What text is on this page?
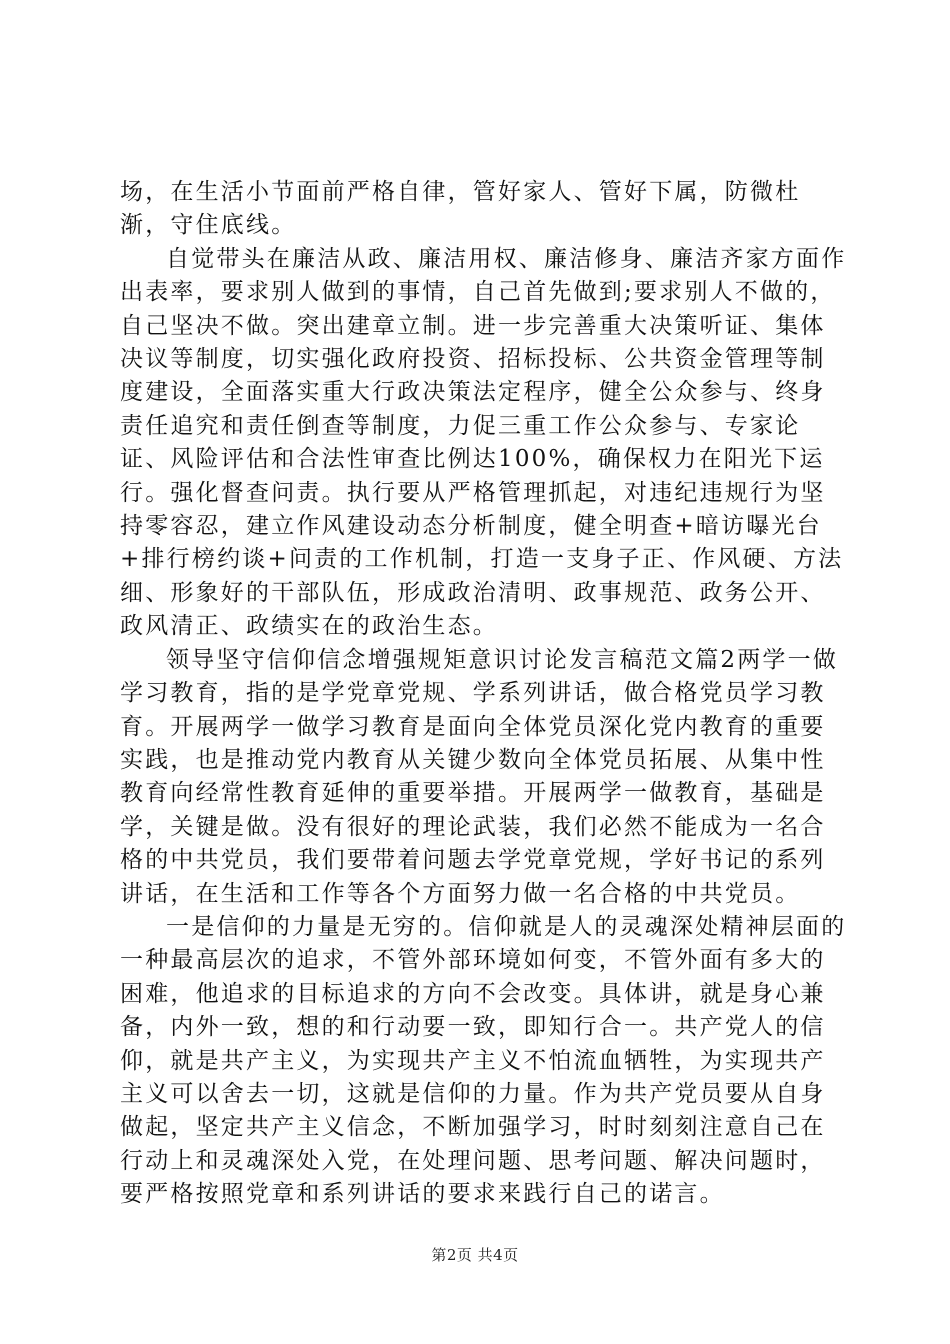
场，在生活小节面前严格自律，管好家人、管好下属，防微杜渐，守住底线。

自觉带头在廉洁从政、廉洁用权、廉洁修身、廉洁齐家方面作出表率，要求别人做到的事情，自己首先做到;要求别人不做的，自己坚决不做。突出建章立制。进一步完善重大决策听证、集体决议等制度，切实强化政府投资、招标投标、公共资金管理等制度建设，全面落实重大行政决策法定程序，健全公众参与、终身责任追究和责任倒查等制度，力促三重工作公众参与、专家论证、风险评估和合法性审查比例达100%，确保权力在阳光下运行。强化督查问责。执行要从严格管理抓起，对违纪违规行为坚持零容忍，建立作风建设动态分析制度，健全明查+暗访曝光台+排行榜约谈+问责的工作机制，打造一支身子正、作风硬、方法细、形象好的干部队伍，形成政治清明、政事规范、政务公开、政风清正、政绩实在的政治生态。

领导坚守信仰信念增强规矩意识讨论发言稿范文篇2两学一做学习教育，指的是学党章党规、学系列讲话，做合格党员学习教育。开展两学一做学习教育是面向全体党员深化党内教育的重要实践，也是推动党内教育从关键少数向全体党员拓展、从集中性教育向经常性教育延伸的重要举措。开展两学一做教育，基础是学，关键是做。没有很好的理论武装，我们必然不能成为一名合格的中共党员，我们要带着问题去学党章党规，学好书记的系列讲话，在生活和工作等各个方面努力做一名合格的中共党员。

一是信仰的力量是无穷的。信仰就是人的灵魂深处精神层面的一种最高层次的追求，不管外部环境如何变，不管外面有多大的困难，他追求的目标追求的方向不会改变。具体讲，就是身心兼备，内外一致，想的和行动要一致，即知行合一。共产党人的信仰，就是共产主义，为实现共产主义不怕流血牺牲，为实现共产主义可以舍去一切，这就是信仰的力量。作为共产党员要从自身做起，坚定共产主义信念，不断加强学习，时时刻刻注意自己在行动上和灵魂深处入党，在处理问题、思考问题、解决问题时，要严格按照党章和系列讲话的要求来践行自己的诺言。

第2页 共4页
